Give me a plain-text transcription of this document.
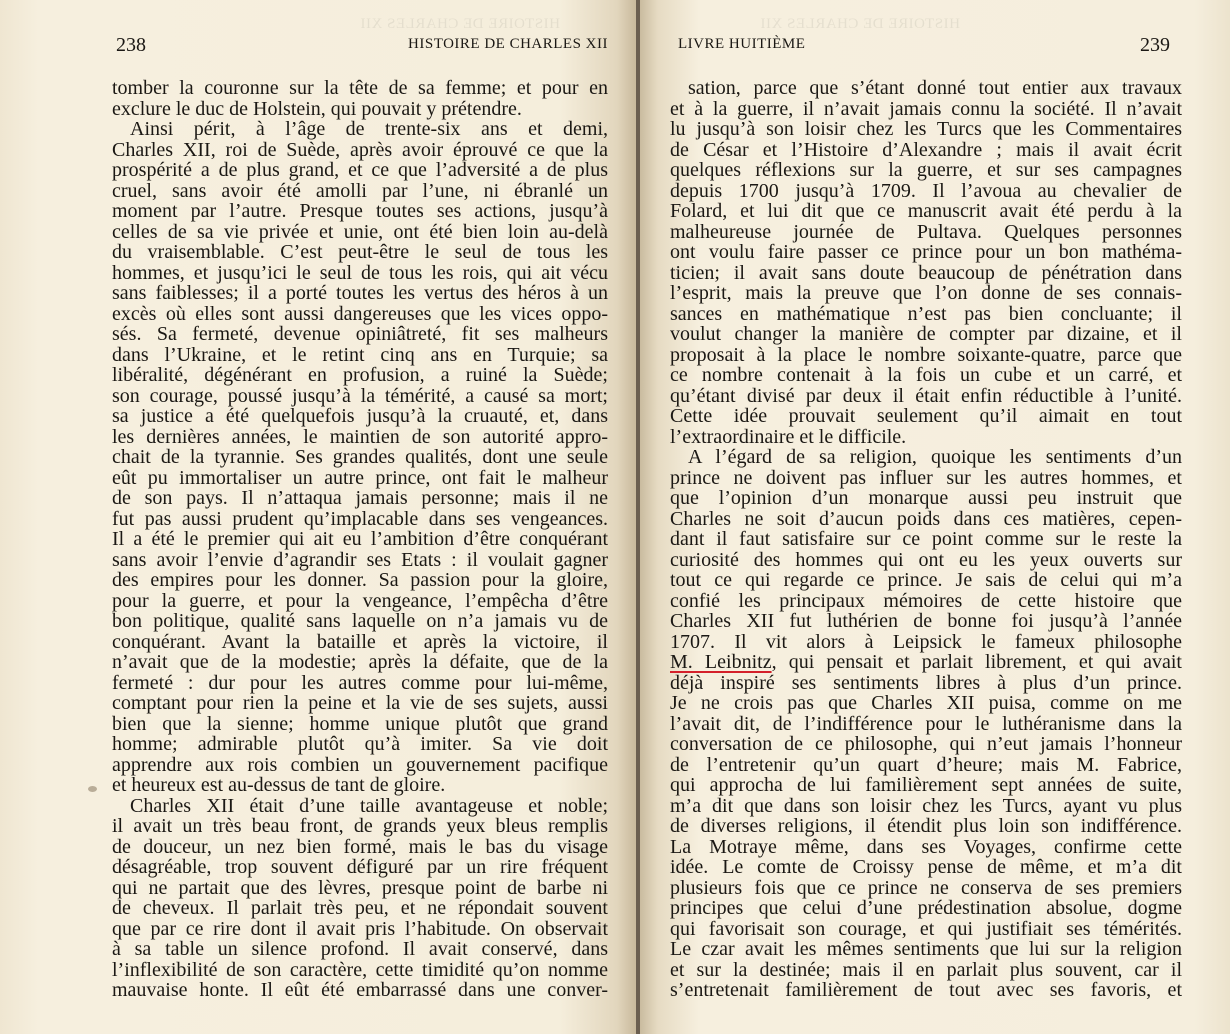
HISTOIRE DE CHARLES XII
238	HISTOIRE DE CHARLES XII
tomber la couronne sur la tête de sa femme; et pour en
exclure le duc de Holstein, qui pouvait y prétendre.
Ainsi périt, à l’âge de trente-six ans et demi,
Charles XII, roi de Suède, après avoir éprouvé ce que la
prospérité a de plus grand, et ce que l’adversité a de plus
cruel, sans avoir été amolli par l’une, ni ébranlé un
moment par l’autre. Presque toutes ses actions, jusqu’à
celles de sa vie privée et unie, ont été bien loin au-delà
du vraisemblable. C’est peut-être le seul de tous les
hommes, et jusqu’ici le seul de tous les rois, qui ait vécu
sans faiblesses; il a porté toutes les vertus des héros à un
excès où elles sont aussi dangereuses que les vices oppo-
sés. Sa fermeté, devenue opiniâtreté, fit ses malheurs
dans l’Ukraine, et le retint cinq ans en Turquie; sa
libéralité, dégénérant en profusion, a ruiné la Suède;
son courage, poussé jusqu’à la témérité, a causé sa mort;
sa justice a été quelquefois jusqu’à la cruauté, et, dans
les dernières années, le maintien de son autorité appro-
chait de la tyrannie. Ses grandes qualités, dont une seule
eût pu immortaliser un autre prince, ont fait le malheur
de son pays. Il n’attaqua jamais personne; mais il ne
fut pas aussi prudent qu’implacable dans ses vengeances.
Il a été le premier qui ait eu l’ambition d’être conquérant
sans avoir l’envie d’agrandir ses Etats : il voulait gagner
des empires pour les donner. Sa passion pour la gloire,
pour la guerre, et pour la vengeance, l’empêcha d’être
bon politique, qualité sans laquelle on n’a jamais vu de
conquérant. Avant la bataille et après la victoire, il
n’avait que de la modestie; après la défaite, que de la
fermeté : dur pour les autres comme pour lui-même,
comptant pour rien la peine et la vie de ses sujets, aussi
bien que la sienne; homme unique plutôt que grand
homme; admirable plutôt qu’à imiter. Sa vie doit
apprendre aux rois combien un gouvernement pacifique
et heureux est au-dessus de tant de gloire.
Charles XII était d’une taille avantageuse et noble;
il avait un très beau front, de grands yeux bleus remplis
de douceur, un nez bien formé, mais le bas du visage
désagréable, trop souvent défiguré par un rire fréquent
qui ne partait que des lèvres, presque point de barbe ni
de cheveux. Il parlait très peu, et ne répondait souvent
que par ce rire dont il avait pris l’habitude. On observait
à sa table un silence profond. Il avait conservé, dans
l’inflexibilité de son caractère, cette timidité qu’on nomme
mauvaise honte. Il eût été embarrassé dans une conver-
HISTOIRE DE CHARLES XII
LIVRE HUITIÈME	239
sation, parce que s’étant donné tout entier aux travaux
et à la guerre, il n’avait jamais connu la société. Il n’avait
lu jusqu’à son loisir chez les Turcs que les Commentaires
de César et l’Histoire d’Alexandre ; mais il avait écrit
quelques réflexions sur la guerre, et sur ses campagnes
depuis 1700 jusqu’à 1709. Il l’avoua au chevalier de
Folard, et lui dit que ce manuscrit avait été perdu à la
malheureuse journée de Pultava. Quelques personnes
ont voulu faire passer ce prince pour un bon mathéma-
ticien; il avait sans doute beaucoup de pénétration dans
l’esprit, mais la preuve que l’on donne de ses connais-
sances en mathématique n’est pas bien concluante; il
voulut changer la manière de compter par dizaine, et il
proposait à la place le nombre soixante-quatre, parce que
ce nombre contenait à la fois un cube et un carré, et
qu’étant divisé par deux il était enfin réductible à l’unité.
Cette idée prouvait seulement qu’il aimait en tout
l’extraordinaire et le difficile.
A l’égard de sa religion, quoique les sentiments d’un
prince ne doivent pas influer sur les autres hommes, et
que l’opinion d’un monarque aussi peu instruit que
Charles ne soit d’aucun poids dans ces matières, cepen-
dant il faut satisfaire sur ce point comme sur le reste la
curiosité des hommes qui ont eu les yeux ouverts sur
tout ce qui regarde ce prince. Je sais de celui qui m’a
confié les principaux mémoires de cette histoire que
Charles XII fut luthérien de bonne foi jusqu’à l’année
1707. Il vit alors à Leipsick le fameux philosophe
M. Leibnitz, qui pensait et parlait librement, et qui avait
déjà inspiré ses sentiments libres à plus d’un prince.
Je ne crois pas que Charles XII puisa, comme on me
l’avait dit, de l’indifférence pour le luthéranisme dans la
conversation de ce philosophe, qui n’eut jamais l’honneur
de l’entretenir qu’un quart d’heure; mais M. Fabrice,
qui approcha de lui familièrement sept années de suite,
m’a dit que dans son loisir chez les Turcs, ayant vu plus
de diverses religions, il étendit plus loin son indifférence.
La Motraye même, dans ses Voyages, confirme cette
idée. Le comte de Croissy pense de même, et m’a dit
plusieurs fois que ce prince ne conserva de ses premiers
principes que celui d’une prédestination absolue, dogme
qui favorisait son courage, et qui justifiait ses témérités.
Le czar avait les mêmes sentiments que lui sur la religion
et sur la destinée; mais il en parlait plus souvent, car il
s’entretenait familièrement de tout avec ses favoris, et
